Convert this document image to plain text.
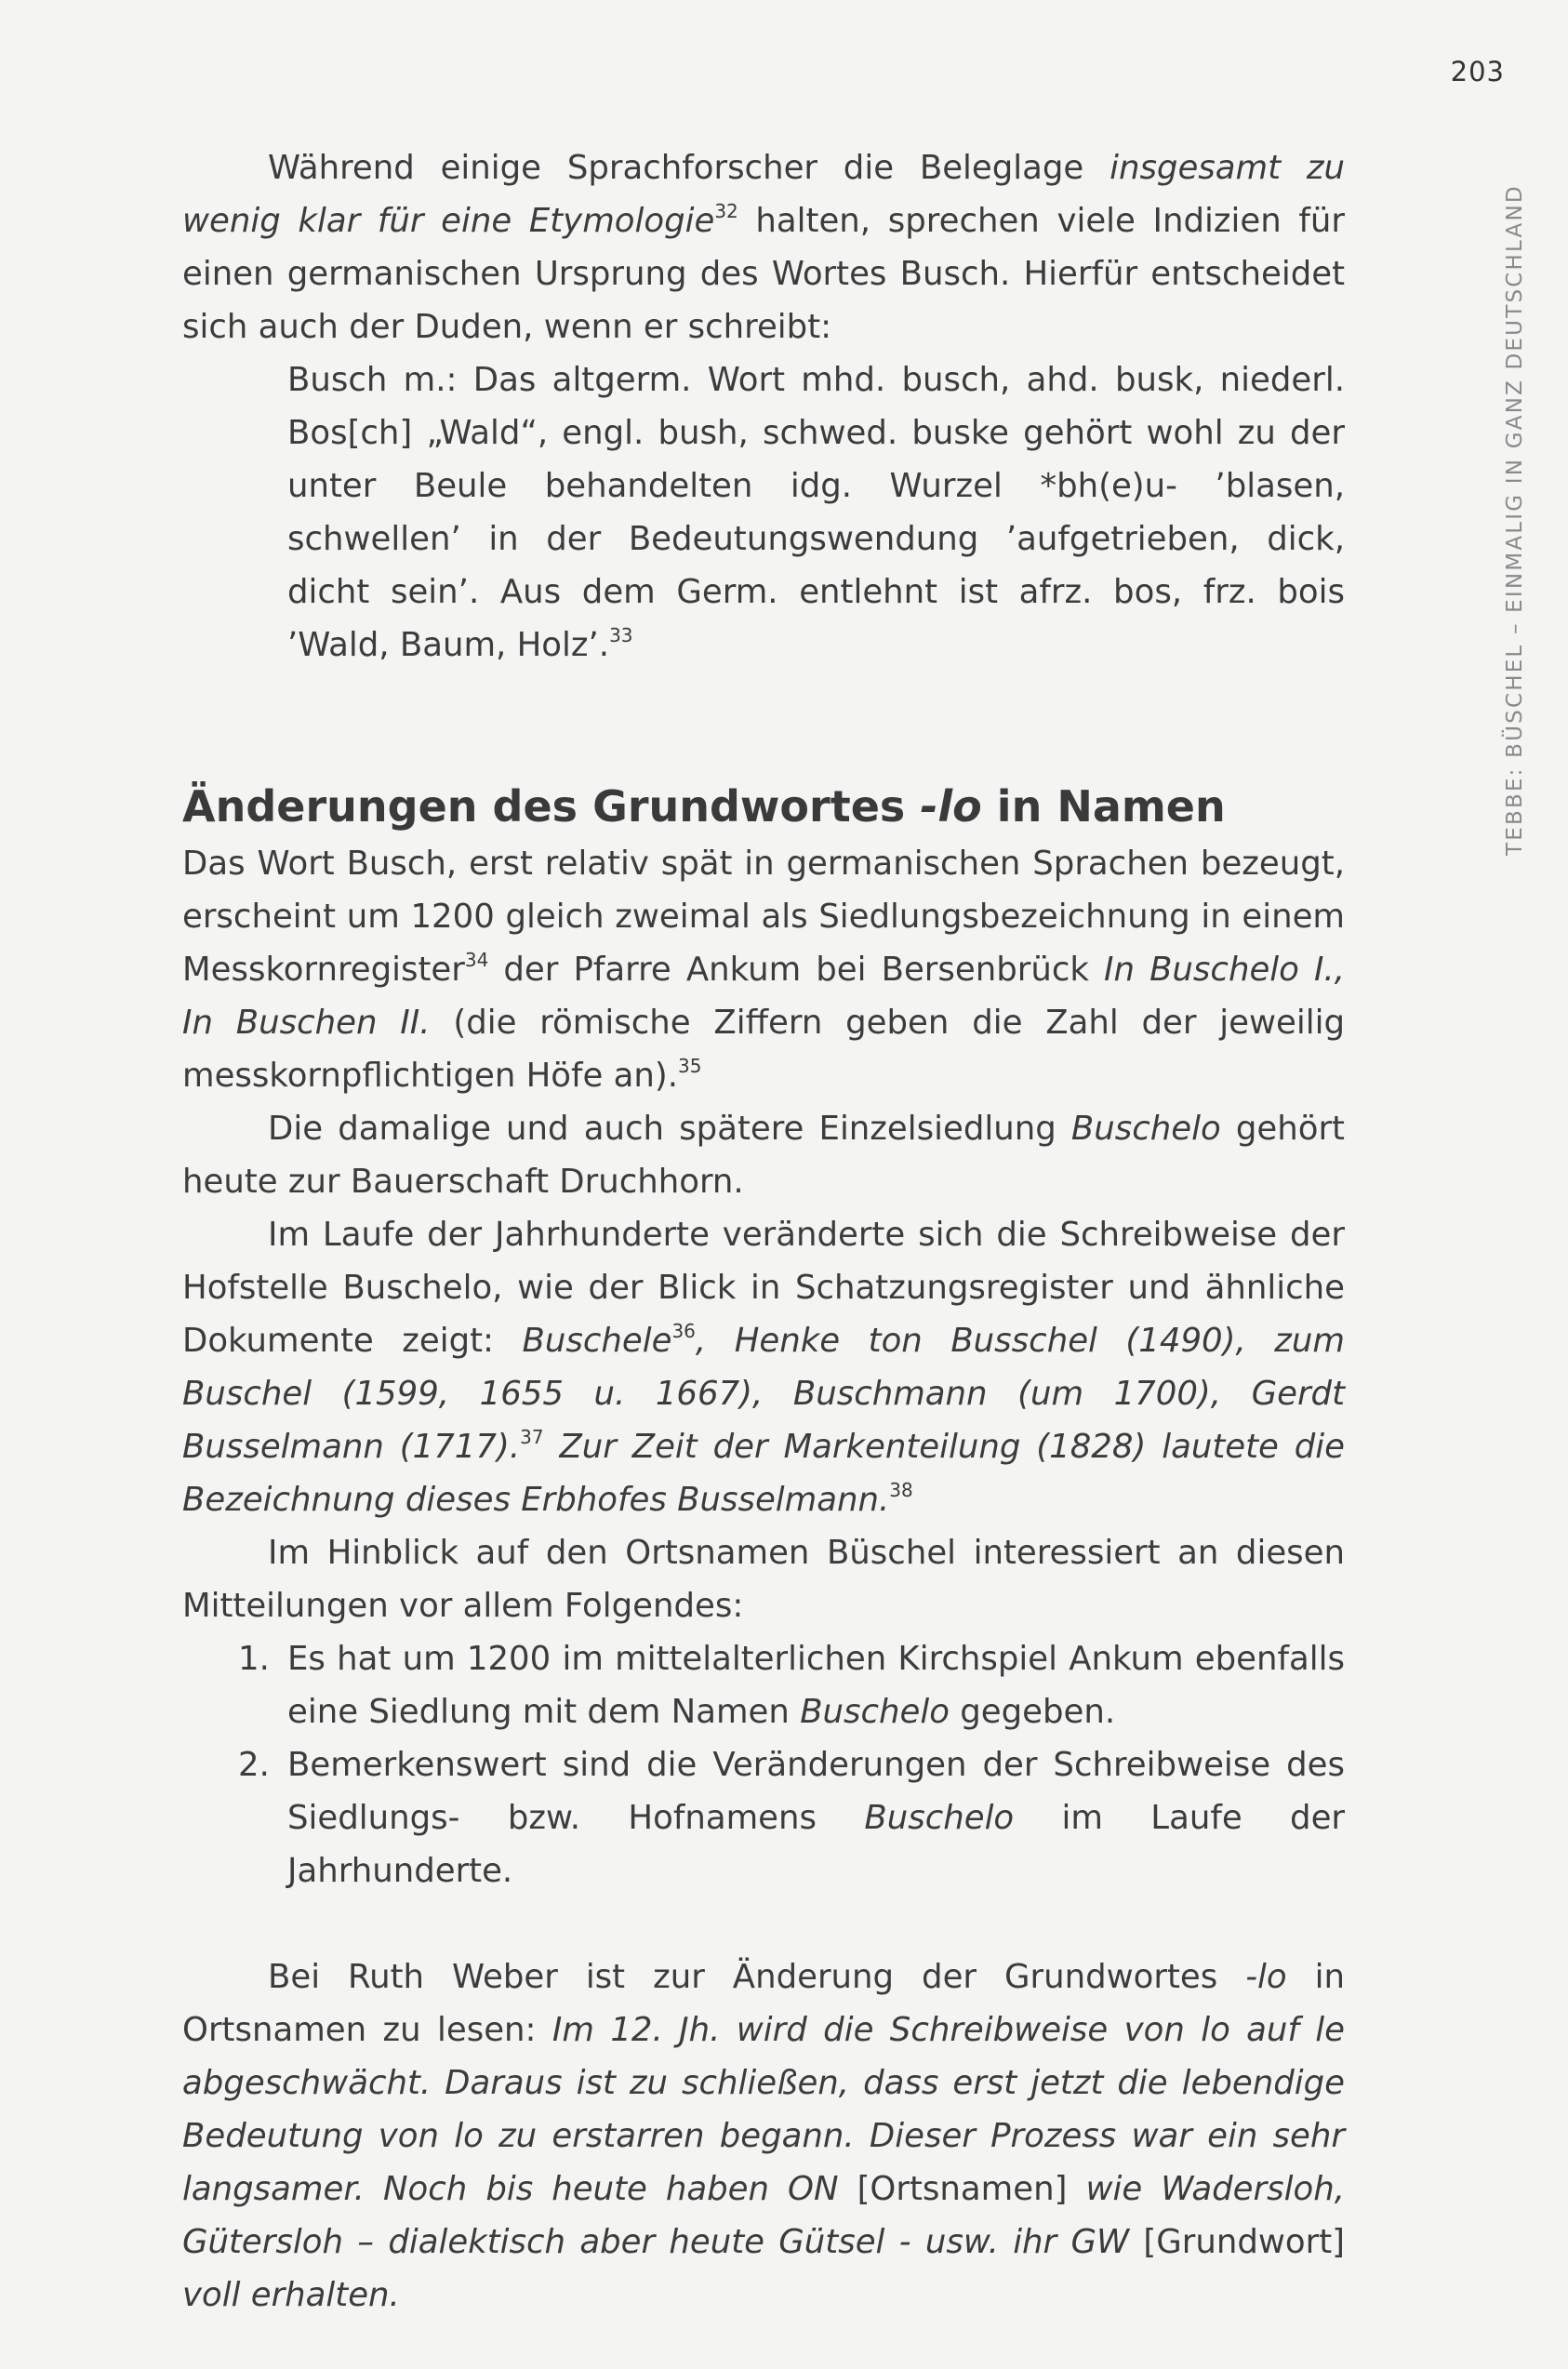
203
TEBBE: BÜSCHEL – EINMALIG IN GANZ DEUTSCHLAND

Während einige Sprachforscher die Beleglage insgesamt zu wenig klar für eine Etymologie$^{32}$ halten, sprechen viele Indizien für einen germanischen Ursprung des Wortes Busch. Hierfür entscheidet sich auch der Duden, wenn er schreibt:

Busch m.: Das altgerm. Wort mhd. busch, ahd. busk, niederl. Bos[ch] „Wald“, engl. bush, schwed. buske gehört wohl zu der unter Beule behandelten idg. Wurzel *bh(e)u- ’blasen, schwellen’ in der Bedeutungswendung ’aufgetrieben, dick, dicht sein’. Aus dem Germ. entlehnt ist afrz. bos, frz. bois ’Wald, Baum, Holz’.$^{33}$

Änderungen des Grundwortes -lo in Namen

Das Wort Busch, erst relativ spät in germanischen Sprachen bezeugt, erscheint um 1200 gleich zweimal als Siedlungsbezeichnung in einem Messkornregister$^{34}$ der Pfarre Ankum bei Bersenbrück In Buschelo I., In Buschen II. (die römische Ziffern geben die Zahl der jeweilig messkornpflichtigen Höfe an).$^{35}$

Die damalige und auch spätere Einzelsiedlung Buschelo gehört heute zur Bauerschaft Druchhorn.

Im Laufe der Jahrhunderte veränderte sich die Schreibweise der Hofstelle Buschelo, wie der Blick in Schatzungsregister und ähnliche Dokumente zeigt: Buschele$^{36}$, Henke ton Busschel (1490), zum Buschel (1599, 1655 u. 1667), Buschmann (um 1700), Gerdt Busselmann (1717).$^{37}$ Zur Zeit der Markenteilung (1828) lautete die Bezeichnung dieses Erbhofes Busselmann.$^{38}$

Im Hinblick auf den Ortsnamen Büschel interessiert an diesen Mitteilungen vor allem Folgendes:

1. Es hat um 1200 im mittelalterlichen Kirchspiel Ankum ebenfalls eine Siedlung mit dem Namen Buschelo gegeben.
2. Bemerkenswert sind die Veränderungen der Schreibweise des Siedlungs- bzw. Hofnamens Buschelo im Laufe der Jahrhunderte.

Bei Ruth Weber ist zur Änderung der Grundwortes -lo in Ortsnamen zu lesen: Im 12. Jh. wird die Schreibweise von lo auf le abgeschwächt. Daraus ist zu schließen, dass erst jetzt die lebendige Bedeutung von lo zu erstarren begann. Dieser Prozess war ein sehr langsamer. Noch bis heute haben ON [Ortsnamen] wie Wadersloh, Gütersloh – dialektisch aber heute Gütsel - usw. ihr GW [Grundwort] voll erhalten.
